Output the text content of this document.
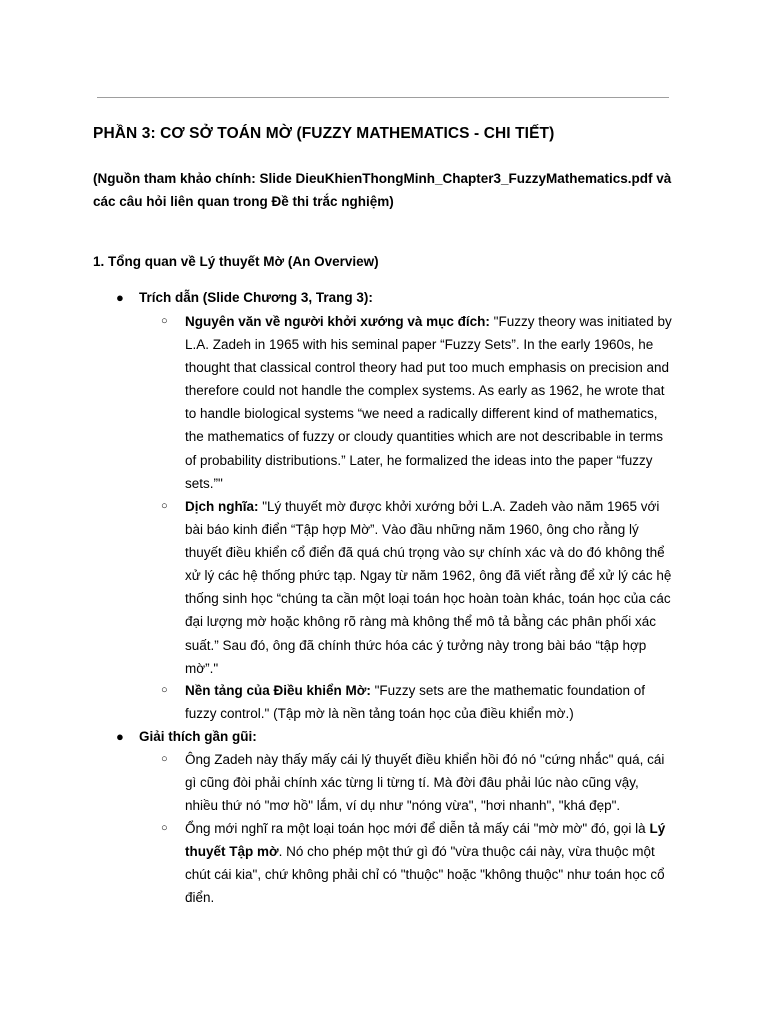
PHẦN 3: CƠ SỞ TOÁN MỜ (FUZZY MATHEMATICS - CHI TIẾT)
(Nguồn tham khảo chính: Slide DieuKhienThongMinh_Chapter3_FuzzyMathematics.pdf và các câu hỏi liên quan trong Đề thi trắc nghiệm)
1. Tổng quan về Lý thuyết Mờ (An Overview)
● Trích dẫn (Slide Chương 3, Trang 3):
○ Nguyên văn về người khởi xướng và mục đích: "Fuzzy theory was initiated by L.A. Zadeh in 1965 with his seminal paper “Fuzzy Sets”. In the early 1960s, he thought that classical control theory had put too much emphasis on precision and therefore could not handle the complex systems. As early as 1962, he wrote that to handle biological systems “we need a radically different kind of mathematics, the mathematics of fuzzy or cloudy quantities which are not describable in terms of probability distributions.” Later, he formalized the ideas into the paper “fuzzy sets.”"
○ Dịch nghĩa: "Lý thuyết mờ được khởi xướng bởi L.A. Zadeh vào năm 1965 với bài báo kinh điển “Tập hợp Mờ”. Vào đầu những năm 1960, ông cho rằng lý thuyết điều khiển cổ điển đã quá chú trọng vào sự chính xác và do đó không thể xử lý các hệ thống phức tạp. Ngay từ năm 1962, ông đã viết rằng để xử lý các hệ thống sinh học “chúng ta cần một loại toán học hoàn toàn khác, toán học của các đại lượng mờ hoặc không rõ ràng mà không thể mô tả bằng các phân phối xác suất.” Sau đó, ông đã chính thức hóa các ý tưởng này trong bài báo “tập hợp mờ”."
○ Nền tảng của Điều khiển Mờ: "Fuzzy sets are the mathematic foundation of fuzzy control." (Tập mờ là nền tảng toán học của điều khiển mờ.)
● Giải thích gần gũi:
○ Ông Zadeh này thấy mấy cái lý thuyết điều khiển hồi đó nó "cứng nhắc" quá, cái gì cũng đòi phải chính xác từng li từng tí. Mà đời đâu phải lúc nào cũng vậy, nhiều thứ nó "mơ hồ" lắm, ví dụ như "nóng vừa", "hơi nhanh", "khá đẹp".
○ Ổng mới nghĩ ra một loại toán học mới để diễn tả mấy cái "mờ mờ" đó, gọi là Lý thuyết Tập mờ. Nó cho phép một thứ gì đó "vừa thuộc cái này, vừa thuộc một chút cái kia", chứ không phải chỉ có "thuộc" hoặc "không thuộc" như toán học cổ điển.
